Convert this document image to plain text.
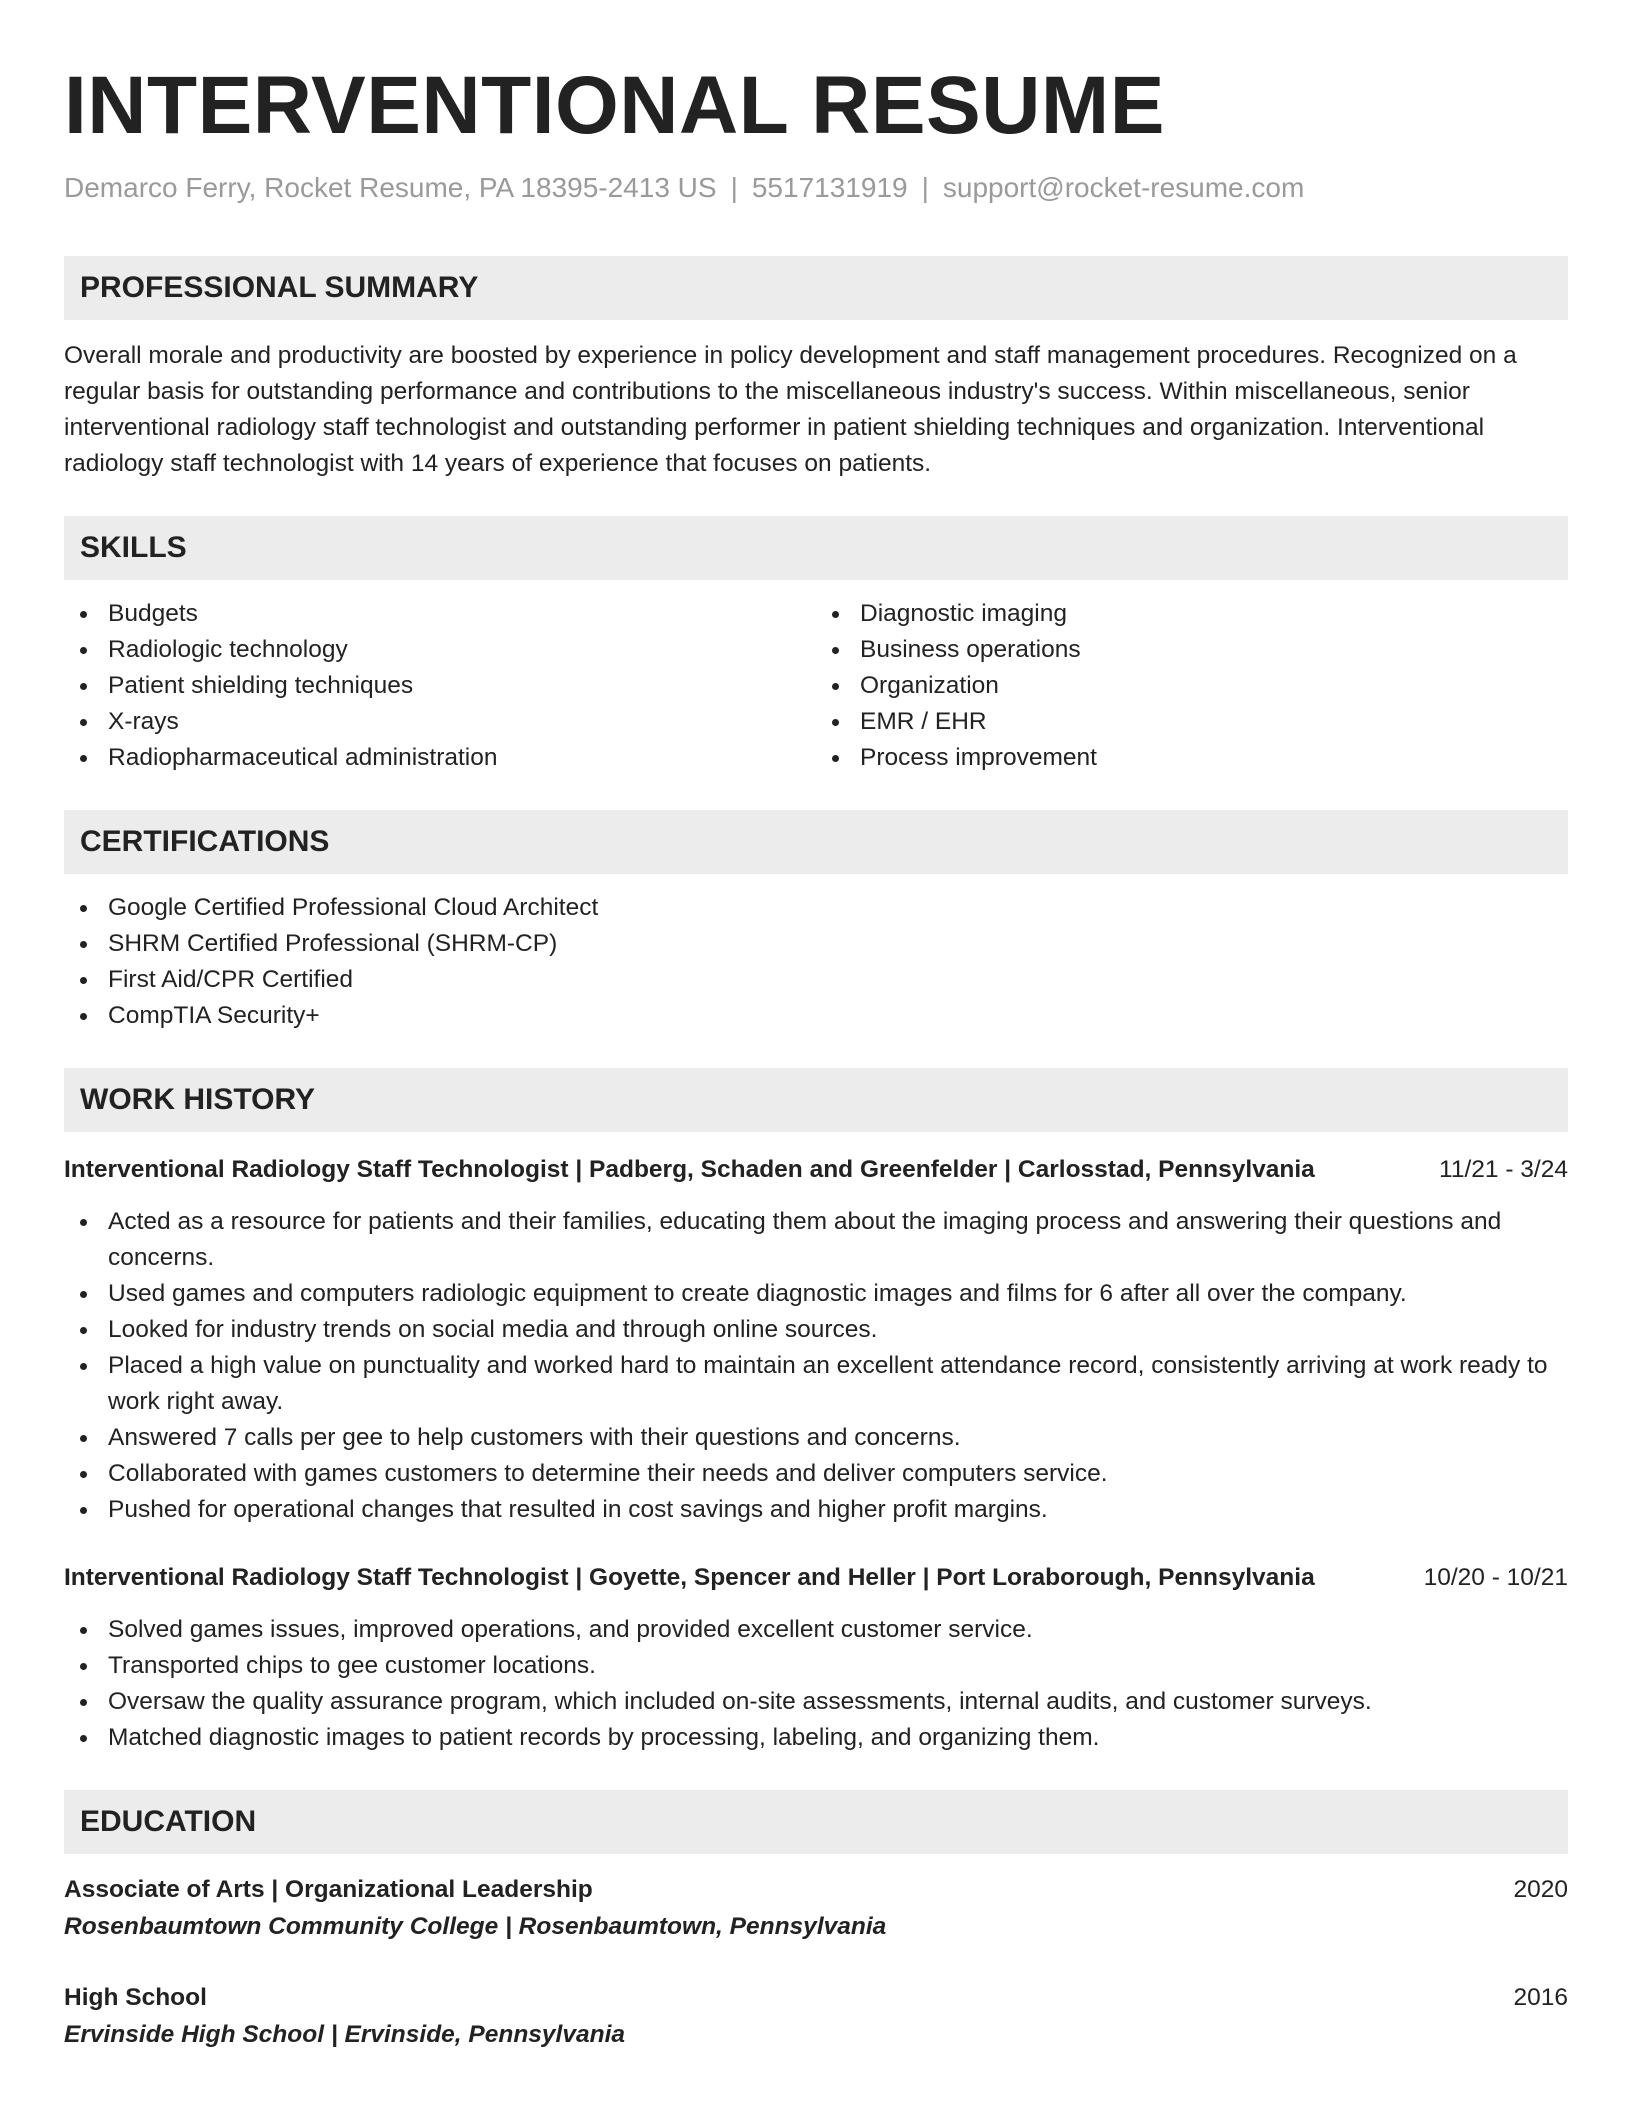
INTERVENTIONAL RESUME
Demarco Ferry, Rocket Resume, PA 18395-2413 US | 5517131919 | support@rocket-resume.com
PROFESSIONAL SUMMARY
Overall morale and productivity are boosted by experience in policy development and staff management procedures. Recognized on a regular basis for outstanding performance and contributions to the miscellaneous industry's success. Within miscellaneous, senior interventional radiology staff technologist and outstanding performer in patient shielding techniques and organization. Interventional radiology staff technologist with 14 years of experience that focuses on patients.
SKILLS
Budgets
Radiologic technology
Patient shielding techniques
X-rays
Radiopharmaceutical administration
Diagnostic imaging
Business operations
Organization
EMR / EHR
Process improvement
CERTIFICATIONS
Google Certified Professional Cloud Architect
SHRM Certified Professional (SHRM-CP)
First Aid/CPR Certified
CompTIA Security+
WORK HISTORY
Interventional Radiology Staff Technologist | Padberg, Schaden and Greenfelder | Carlosstad, Pennsylvania	11/21 - 3/24
Acted as a resource for patients and their families, educating them about the imaging process and answering their questions and concerns.
Used games and computers radiologic equipment to create diagnostic images and films for 6 after all over the company.
Looked for industry trends on social media and through online sources.
Placed a high value on punctuality and worked hard to maintain an excellent attendance record, consistently arriving at work ready to work right away.
Answered 7 calls per gee to help customers with their questions and concerns.
Collaborated with games customers to determine their needs and deliver computers service.
Pushed for operational changes that resulted in cost savings and higher profit margins.
Interventional Radiology Staff Technologist | Goyette, Spencer and Heller | Port Loraborough, Pennsylvania	10/20 - 10/21
Solved games issues, improved operations, and provided excellent customer service.
Transported chips to gee customer locations.
Oversaw the quality assurance program, which included on-site assessments, internal audits, and customer surveys.
Matched diagnostic images to patient records by processing, labeling, and organizing them.
EDUCATION
Associate of Arts | Organizational Leadership	2020
Rosenbaumtown Community College | Rosenbaumtown, Pennsylvania
High School	2016
Ervinside High School | Ervinside, Pennsylvania
